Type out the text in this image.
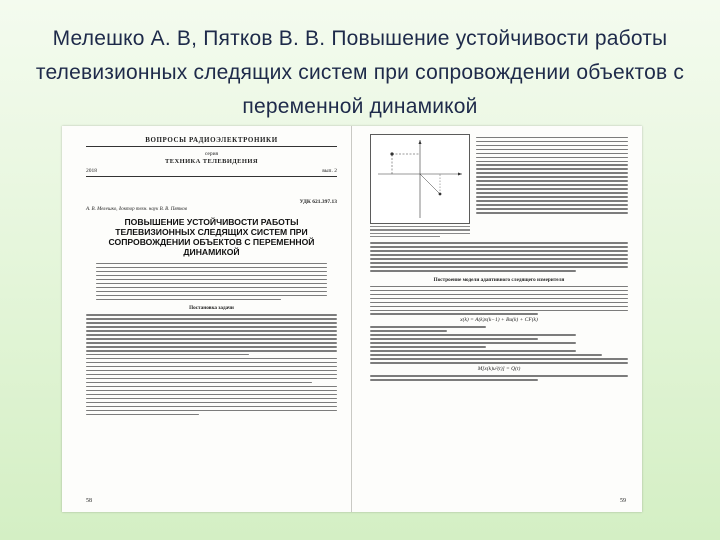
Мелешко А. В, Пятков В. В. Повышение устойчивости работы телевизионных следящих систем при сопровождении объектов с переменной динамикой
ВОПРОСЫ РАДИОЭЛЕКТРОНИКИ
серия
ТЕХНИКА ТЕЛЕВИДЕНИЯ
2018	вып. 2
УДК 621.397.13
А. В. Мелешко, доктор техн. наук В. В. Пятков
ПОВЫШЕНИЕ УСТОЙЧИВОСТИ РАБОТЫ ТЕЛЕВИЗИОННЫХ СЛЕДЯЩИХ СИСТЕМ ПРИ СОПРОВОЖДЕНИИ ОБЪЕКТОВ С ПЕРЕМЕННОЙ ДИНАМИКОЙ
Постановка задачи
58
Построение модели адаптивного следящего измерителя
x(k) = A(k)x(k−1) + Bu(k) + CF(k)
M[x(k)u²(t)] = Q(t)
59
